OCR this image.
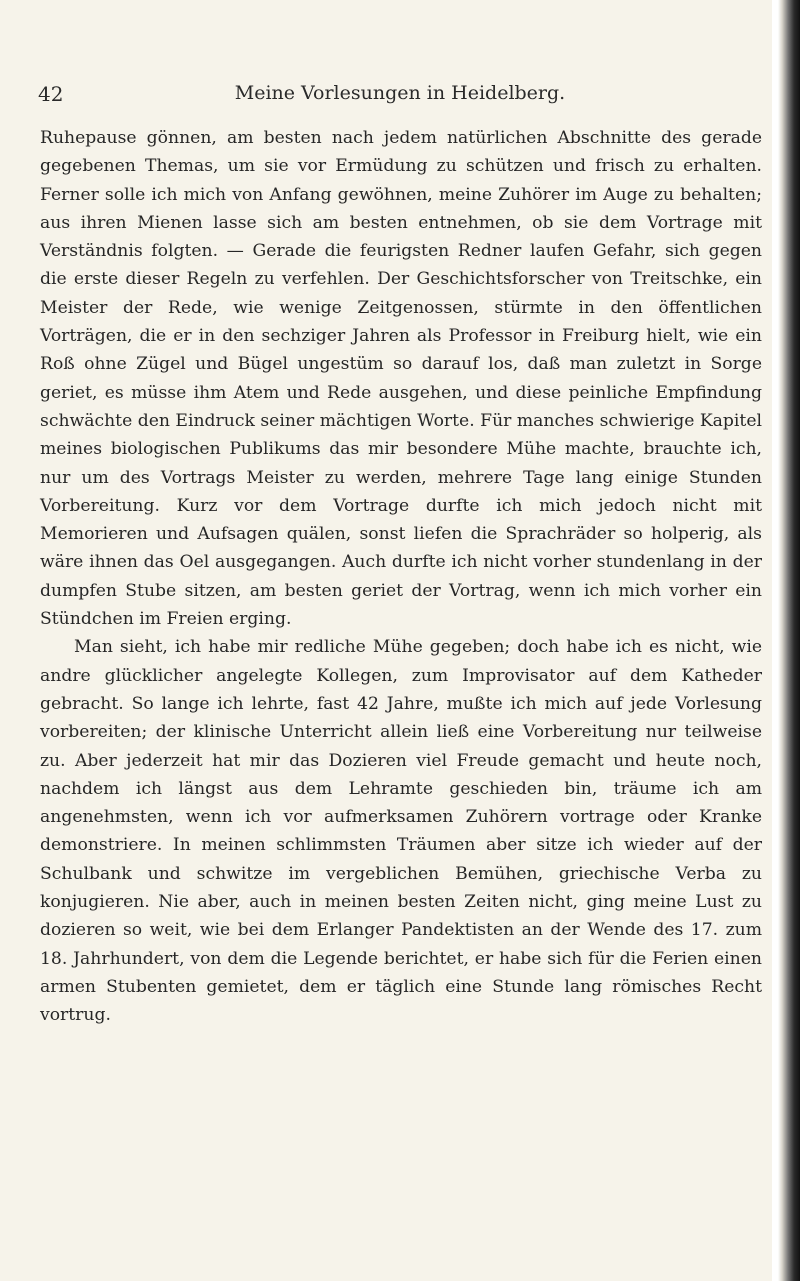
42	Meine Vorlesungen in Heidelberg.

Ruhepause gönnen, am besten nach jedem natürlichen Abschnitte des gerade gegebenen Themas, um sie vor Ermüdung zu schützen und frisch zu erhalten. Ferner solle ich mich von Anfang gewöhnen, meine Zuhörer im Auge zu behalten; aus ihren Mienen lasse sich am besten entnehmen, ob sie dem Vortrage mit Verständnis folgten. — Gerade die feurigsten Redner laufen Gefahr, sich gegen die erste dieser Regeln zu verfehlen. Der Geschichtsforscher von Treitschke, ein Meister der Rede, wie wenige Zeitgenossen, stürmte in den öffentlichen Vorträgen, die er in den sechziger Jahren als Professor in Freiburg hielt, wie ein Roß ohne Zügel und Bügel ungestüm so darauf los, daß man zuletzt in Sorge geriet, es müsse ihm Atem und Rede ausgehen, und diese peinliche Empfindung schwächte den Eindruck seiner mächtigen Worte. Für manches schwierige Kapitel meines biologischen Publikums das mir besondere Mühe machte, brauchte ich, nur um des Vortrags Meister zu werden, mehrere Tage lang einige Stunden Vorbereitung. Kurz vor dem Vortrage durfte ich mich jedoch nicht mit Memorieren und Aufsagen quälen, sonst liefen die Sprachräder so holperig, als wäre ihnen das Oel ausgegangen. Auch durfte ich nicht vorher stundenlang in der dumpfen Stube sitzen, am besten geriet der Vortrag, wenn ich mich vorher ein Stündchen im Freien erging.

Man sieht, ich habe mir redliche Mühe gegeben; doch habe ich es nicht, wie andre glücklicher angelegte Kollegen, zum Improvisator auf dem Katheder gebracht. So lange ich lehrte, fast 42 Jahre, mußte ich mich auf jede Vorlesung vorbereiten; der klinische Unterricht allein ließ eine Vorbereitung nur teilweise zu. Aber jederzeit hat mir das Dozieren viel Freude gemacht und heute noch, nachdem ich längst aus dem Lehramte geschieden bin, träume ich am angenehmsten, wenn ich vor aufmerksamen Zuhörern vortrage oder Kranke demonstriere. In meinen schlimmsten Träumen aber sitze ich wieder auf der Schulbank und schwitze im vergeblichen Bemühen, griechische Verba zu konjugieren. Nie aber, auch in meinen besten Zeiten nicht, ging meine Lust zu dozieren so weit, wie bei dem Erlanger Pandektisten an der Wende des 17. zum 18. Jahrhundert, von dem die Legende berichtet, er habe sich für die Ferien einen armen Stubenten gemietet, dem er täglich eine Stunde lang römisches Recht vortrug.
